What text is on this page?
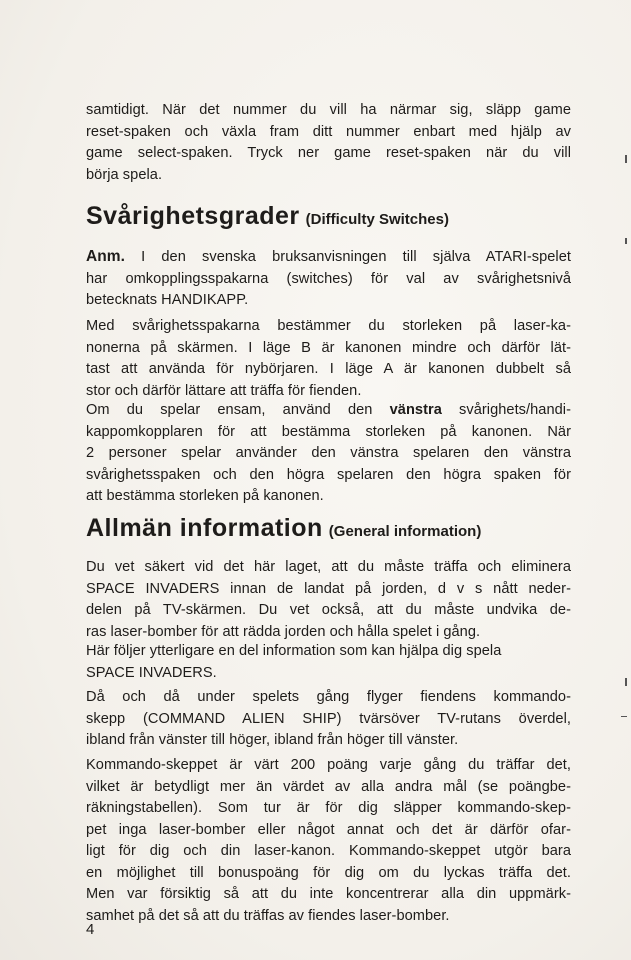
samtidigt. När det nummer du vill ha närmar sig, släpp game
reset-spaken och växla fram ditt nummer enbart med hjälp av
game select-spaken. Tryck ner game reset-spaken när du vill
börja spela.

Svårighetsgrader (Difficulty Switches)

Anm. I den svenska bruksanvisningen till själva ATARI-spelet
har omkopplingsspakarna (switches) för val av svårighetsnivå
betecknats HANDIKAPP.

Med svårighetsspakarna bestämmer du storleken på laser-ka-
nonerna på skärmen. I läge B är kanonen mindre och därför lät-
tast att använda för nybörjaren. I läge A är kanonen dubbelt så
stor och därför lättare att träffa för fienden.

Om du spelar ensam, använd den vänstra svårighets/handi-
kappomkopplaren för att bestämma storleken på kanonen. När
2 personer spelar använder den vänstra spelaren den vänstra
svårighetsspaken och den högra spelaren den högra spaken för
att bestämma storleken på kanonen.

Allmän information (General information)

Du vet säkert vid det här laget, att du måste träffa och eliminera
SPACE INVADERS innan de landat på jorden, d v s nått neder-
delen på TV-skärmen. Du vet också, att du måste undvika de-
ras laser-bomber för att rädda jorden och hålla spelet i gång.

Här följer ytterligare en del information som kan hjälpa dig spela
SPACE INVADERS.

Då och då under spelets gång flyger fiendens kommando-
skepp (COMMAND ALIEN SHIP) tvärsöver TV-rutans överdel,
ibland från vänster till höger, ibland från höger till vänster.

Kommando-skeppet är värt 200 poäng varje gång du träffar det,
vilket är betydligt mer än värdet av alla andra mål (se poängbe-
räkningstabellen). Som tur är för dig släpper kommando-skep-
pet inga laser-bomber eller något annat och det är därför ofar-
ligt för dig och din laser-kanon. Kommando-skeppet utgör bara
en möjlighet till bonuspoäng för dig om du lyckas träffa det.
Men var försiktig så att du inte koncentrerar alla din uppmärk-
samhet på det så att du träffas av fiendes laser-bomber.

4
